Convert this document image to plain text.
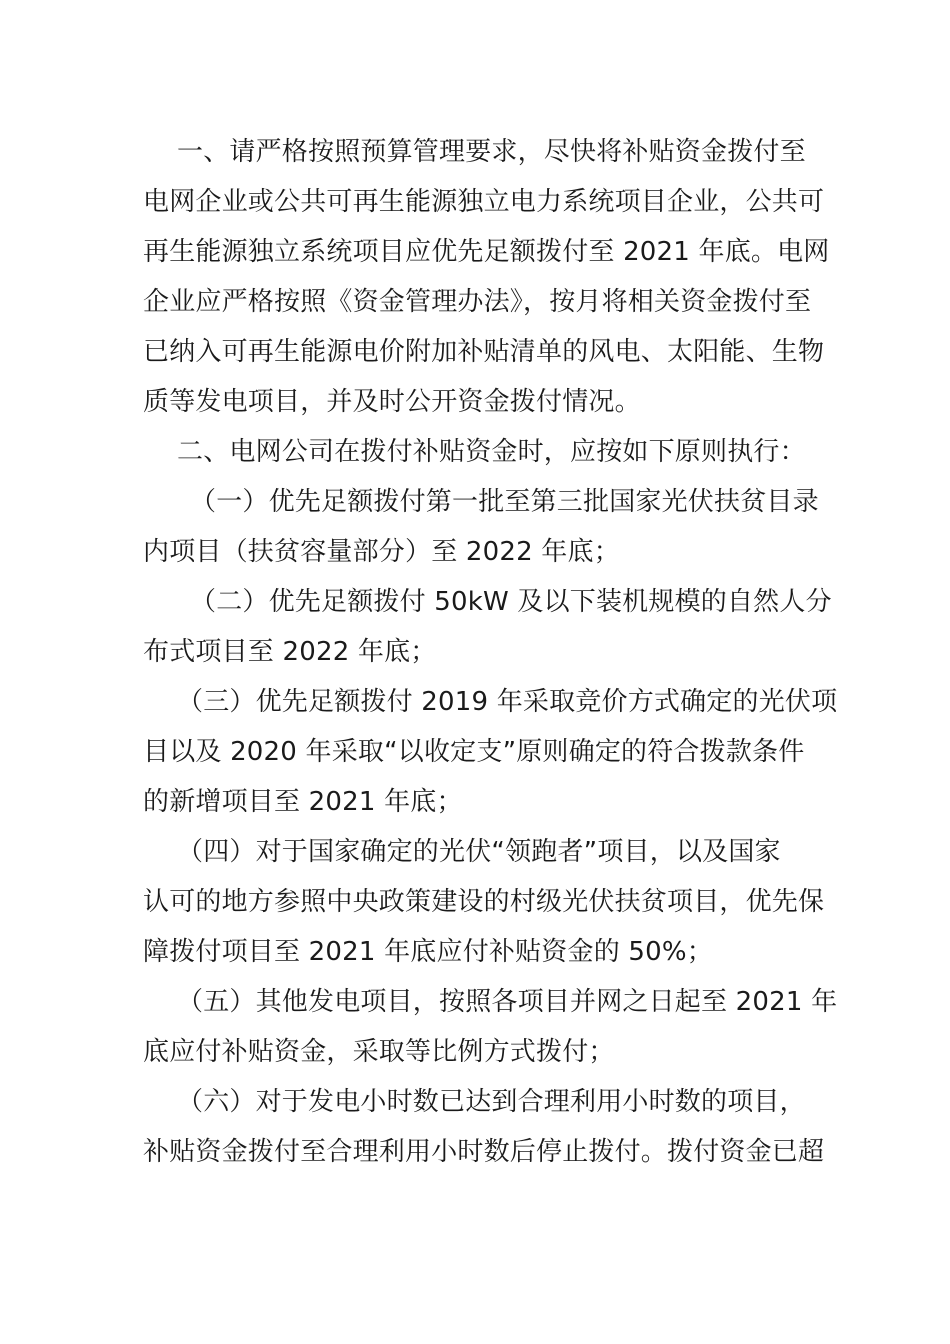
一、请严格按照预算管理要求，尽快将补贴资金拨付至
电网企业或公共可再生能源独立电力系统项目企业，公共可
再生能源独立系统项目应优先足额拨付至 2021 年底。电网
企业应严格按照《资金管理办法》，按月将相关资金拨付至
已纳入可再生能源电价附加补贴清单的风电、太阳能、生物
质等发电项目，并及时公开资金拨付情况。
二、电网公司在拨付补贴资金时，应按如下原则执行：
（一）优先足额拨付第一批至第三批国家光伏扶贫目录
内项目（扶贫容量部分）至 2022 年底；
（二）优先足额拨付 50kW 及以下装机规模的自然人分
布式项目至 2022 年底；
（三）优先足额拨付 2019 年采取竞价方式确定的光伏项
目以及 2020 年采取“以收定支”原则确定的符合拨款条件
的新增项目至 2021 年底；
（四）对于国家确定的光伏“领跑者”项目，以及国家
认可的地方参照中央政策建设的村级光伏扶贫项目，优先保
障拨付项目至 2021 年底应付补贴资金的 50%；
（五）其他发电项目，按照各项目并网之日起至 2021 年
底应付补贴资金，采取等比例方式拨付；
（六）对于发电小时数已达到合理利用小时数的项目，
补贴资金拨付至合理利用小时数后停止拨付。拨付资金已超
